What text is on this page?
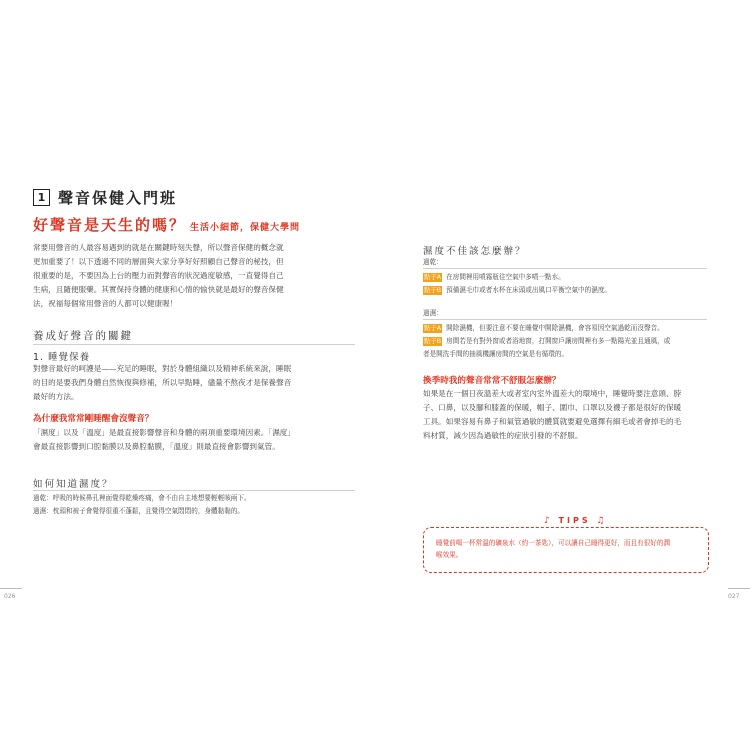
1 聲音保健入門班
好聲音是天生的嗎？ 生活小細節，保健大學問
常要用聲音的人最容易遇到的就是在關鍵時刻失聲，所以聲音保健的概念就
更加重要了！以下透過不同的層面與大家分享好好照顧自己聲音的秘技，但
很重要的是，不要因為上台的壓力而對聲音的狀況過度敏感，一直覺得自己
生病，且隨便服藥。其實保持身體的健康和心情的愉快就是最好的聲音保健
法，祝福每個常用聲音的人都可以健康喔！
養成好聲音的關鍵
1. 睡覺保養
對聲音最好的呵護是——充足的睡眠，對於身體組織以及精神系統來說，睡眠
的目的是要我們身體自然恢復與修補，所以早點睡，儘量不熬夜才是保養聲音
最好的方法。
為什麼我常常剛睡醒會沒聲音？
「濕度」以及「溫度」是最直接影響聲音和身體的兩項重要環境因素。「濕度」
會最直接影響到口腔黏膜以及鼻腔黏膜，「溫度」則最直接會影響到氣管。
如何知道濕度？
過乾：呼吸的時候鼻孔裡面覺得乾燥疼痛，會不由自主地想要輕輕咳兩下。
過濕：枕頭和被子會覺得很重不蓬鬆，且覺得空氣悶悶的，身體黏黏的。
濕度不佳該怎麼辦？
過乾：
點子A 在房間裡用噴霧瓶往空氣中多噴一點水。
點子B 預備濕毛巾或者水杯在床頭或出風口平衡空氣中的濕度。
過濕：
點子A 開除濕機，但要注意不要在睡覺中開除濕機，會容易因空氣過乾而沒聲音。
點子B 房間若是有對外窗或者浴地窗，打開窗戶讓房間裡有多一點陽光並且通風，或
者是開洗手間的抽風機讓房間的空氣是有循環的。
換季時我的聲音常常不舒服怎麼辦？
如果是在一個日夜溫差大或者室內室外溫差大的環境中，睡覺時要注意頭、脖
子、口鼻，以及腳和膝蓋的保暖，帽子、圍巾、口罩以及襪子都是很好的保暖
工具。如果容易有鼻子和氣管過敏的體質就要避免選擇有細毛或者會掉毛的毛
料材質，減少因為過敏性的症狀引發的不舒服。
♪ TIPS ♫
睡覺前喝一杯常溫的礦泉水（約一茶匙），可以讓自己睡得更好，而且有很好的潤
喉效果。
026	027
